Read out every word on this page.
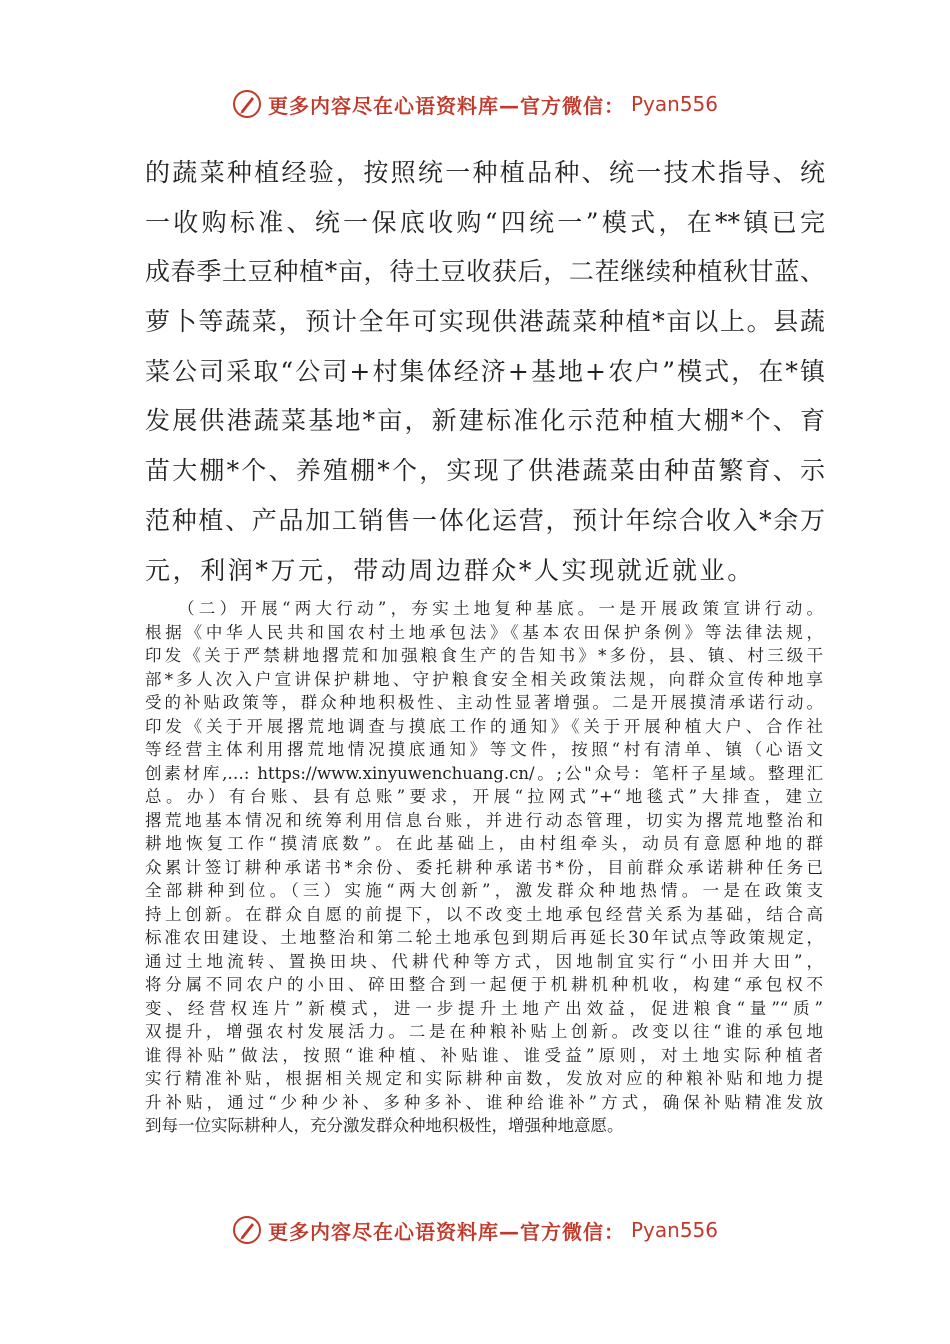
更多内容尽在心语资料库—官方微信： Pyan556
的蔬菜种植经验，按照统一种植品种、统一技术指导、统
一收购标准、统一保底收购“四统一”模式，在**镇已完
成春季土豆种植*亩，待土豆收获后，二茬继续种植秋甘蓝、
萝卜等蔬菜，预计全年可实现供港蔬菜种植*亩以上。县蔬
菜公司采取“公司+村集体经济+基地+农户”模式，在*镇
发展供港蔬菜基地*亩，新建标准化示范种植大棚*个、育
苗大棚*个、养殖棚*个，实现了供港蔬菜由种苗繁育、示
范种植、产品加工销售一体化运营，预计年综合收入*余万
元，利润*万元，带动周边群众*人实现就近就业。
（二）开展“两大行动”，夯实土地复种基底。一是开展政策宣讲行动。
根据《中华人民共和国农村土地承包法》《基本农田保护条例》等法律法规，
印发《关于严禁耕地撂荒和加强粮食生产的告知书》*多份，县、镇、村三级干
部*多人次入户宣讲保护耕地、守护粮食安全相关政策法规，向群众宣传种地享
受的补贴政策等，群众种地积极性、主动性显著增强。二是开展摸清承诺行动。
印发《关于开展撂荒地调查与摸底工作的通知》《关于开展种植大户、合作社
等经营主体利用撂荒地情况摸底通知》等文件，按照“村有清单、镇（心语文
创素材库,…: https://www.xinyuwenchuang.cn/。;公"众号：笔杆子星域。整理汇
总。办）有台账、县有总账”要求，开展“拉网式”+“地毯式”大排查，建立
撂荒地基本情况和统筹利用信息台账，并进行动态管理，切实为撂荒地整治和
耕地恢复工作“摸清底数”。在此基础上，由村组牵头，动员有意愿种地的群
众累计签订耕种承诺书*余份、委托耕种承诺书*份，目前群众承诺耕种任务已
全部耕种到位。（三）实施“两大创新”，激发群众种地热情。一是在政策支
持上创新。在群众自愿的前提下，以不改变土地承包经营关系为基础，结合高
标准农田建设、土地整治和第二轮土地承包到期后再延长30年试点等政策规定，
通过土地流转、置换田块、代耕代种等方式，因地制宜实行“小田并大田”，
将分属不同农户的小田、碎田整合到一起便于机耕机种机收，构建“承包权不
变、经营权连片”新模式，进一步提升土地产出效益，促进粮食“量”“质”
双提升，增强农村发展活力。二是在种粮补贴上创新。改变以往“谁的承包地
谁得补贴”做法，按照“谁种植、补贴谁、谁受益”原则，对土地实际种植者
实行精准补贴，根据相关规定和实际耕种亩数，发放对应的种粮补贴和地力提
升补贴，通过“少种少补、多种多补、谁种给谁补”方式，确保补贴精准发放
到每一位实际耕种人，充分激发群众种地积极性，增强种地意愿。
更多内容尽在心语资料库—官方微信： Pyan556
